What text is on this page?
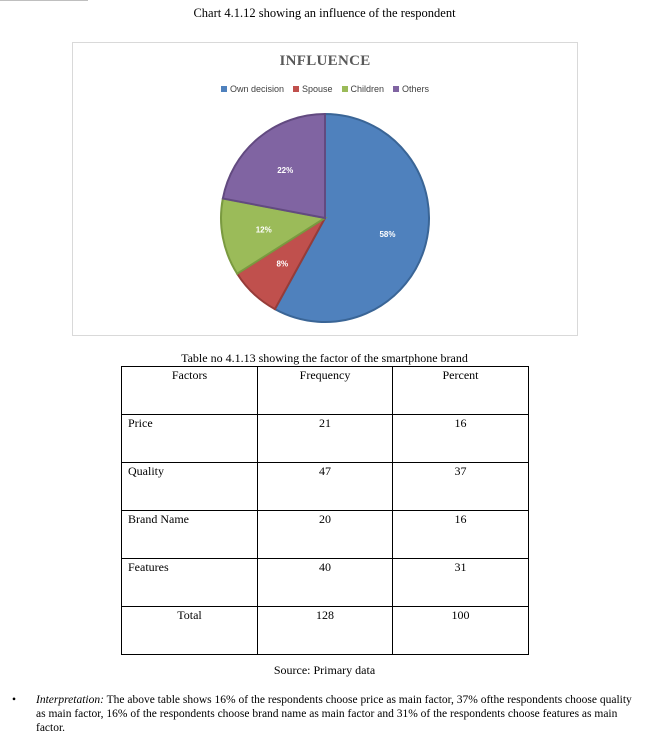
Chart 4.1.12 showing an influence of the respondent
INFLUENCE
Own decision Spouse Children Others
58%
8%
12%
22%
Table no 4.1.13 showing the factor of the smartphone brand
Factors	Frequency	Percent
Price	21	16
Quality	47	37
Brand Name	20	16
Features	40	31
Total	128	100
Source: Primary data
• Interpretation: The above table shows 16% of the respondents choose price as main factor, 37% ofthe respondents choose quality as main factor, 16% of the respondents choose brand name as main factor and 31% of the respondents choose features as main factor.
